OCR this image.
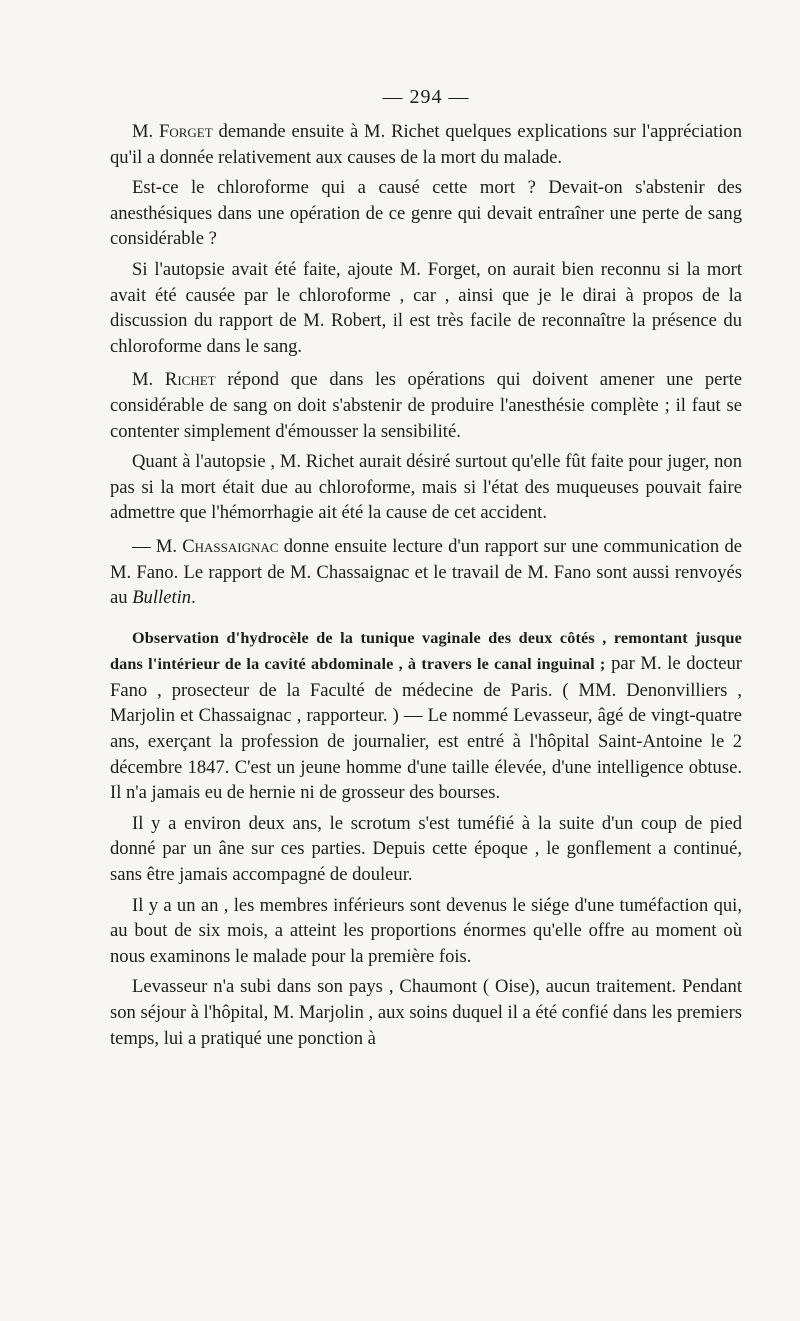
— 294 —

M. Forget demande ensuite à M. Richet quelques explications sur l'appréciation qu'il a donnée relativement aux causes de la mort du malade.

Est-ce le chloroforme qui a causé cette mort ? Devait-on s'abstenir des anesthésiques dans une opération de ce genre qui devait entraîner une perte de sang considérable ?

Si l'autopsie avait été faite, ajoute M. Forget, on aurait bien reconnu si la mort avait été causée par le chloroforme , car , ainsi que je le dirai à propos de la discussion du rapport de M. Robert, il est très facile de reconnaître la présence du chloroforme dans le sang.

M. Richet répond que dans les opérations qui doivent amener une perte considérable de sang on doit s'abstenir de produire l'anesthésie complète ; il faut se contenter simplement d'émousser la sensibilité.

Quant à l'autopsie , M. Richet aurait désiré surtout qu'elle fût faite pour juger, non pas si la mort était due au chloroforme, mais si l'état des muqueuses pouvait faire admettre que l'hémorrhagie ait été la cause de cet accident.

— M. Chassaignac donne ensuite lecture d'un rapport sur une communication de M. Fano. Le rapport de M. Chassaignac et le travail de M. Fano sont aussi renvoyés au Bulletin.

Observation d'hydrocèle de la tunique vaginale des deux côtés , remontant jusque dans l'intérieur de la cavité abdominale , à travers le canal inguinal ; par M. le docteur Fano , prosecteur de la Faculté de médecine de Paris. ( MM. Denonvilliers , Marjolin et Chassaignac , rapporteur. ) — Le nommé Levasseur, âgé de vingt-quatre ans, exerçant la profession de journalier, est entré à l'hôpital Saint-Antoine le 2 décembre 1847. C'est un jeune homme d'une taille élevée, d'une intelligence obtuse. Il n'a jamais eu de hernie ni de grosseur des bourses.

Il y a environ deux ans, le scrotum s'est tuméfié à la suite d'un coup de pied donné par un âne sur ces parties. Depuis cette époque , le gonflement a continué, sans être jamais accompagné de douleur.

Il y a un an , les membres inférieurs sont devenus le siége d'une tuméfaction qui, au bout de six mois, a atteint les proportions énormes qu'elle offre au moment où nous examinons le malade pour la première fois.

Levasseur n'a subi dans son pays , Chaumont ( Oise), aucun traitement. Pendant son séjour à l'hôpital, M. Marjolin , aux soins duquel il a été confié dans les premiers temps, lui a pratiqué une ponction à
